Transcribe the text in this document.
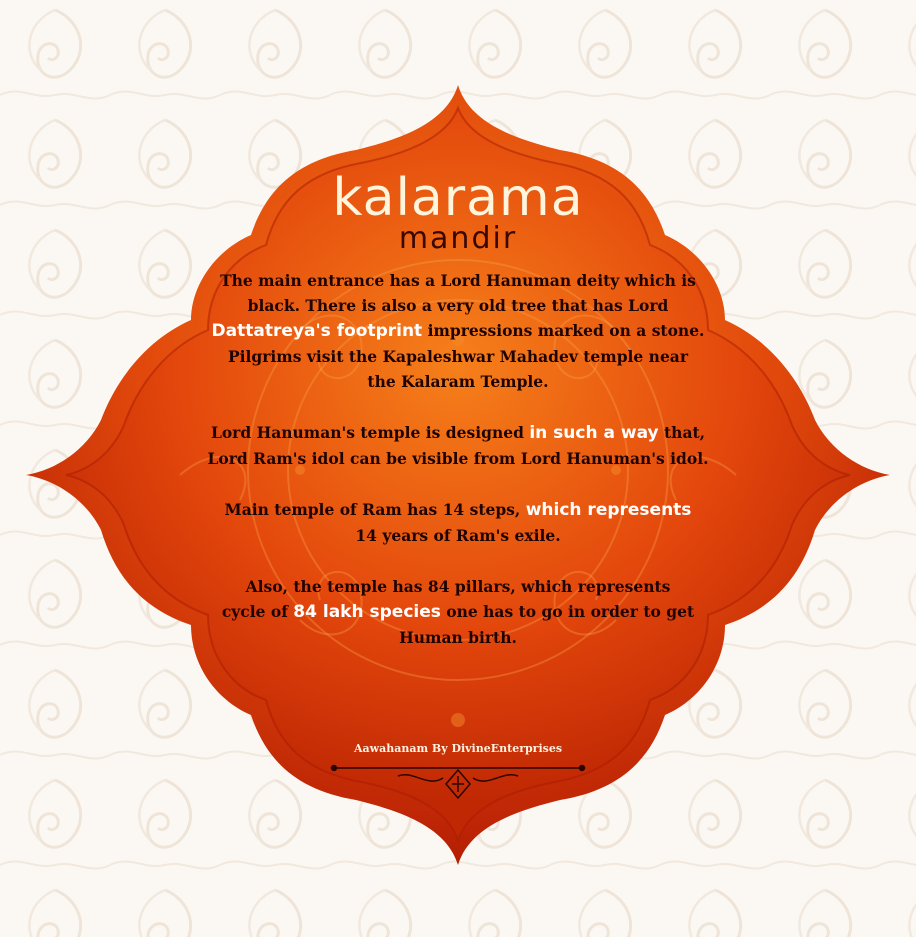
kalarama
mandir

The main entrance has a Lord Hanuman deity which is
black. There is also a very old tree that has Lord
Dattatreya's footprint impressions marked on a stone.
Pilgrims visit the Kapaleshwar Mahadev temple near
the Kalaram Temple.

Lord Hanuman's temple is designed in such a way that,
Lord Ram's idol can be visible from Lord Hanuman's idol.

Main temple of Ram has 14 steps, which represents
14 years of Ram's exile.

Also, the temple has 84 pillars, which represents
cycle of 84 lakh species one has to go in order to get
Human birth.

Aawahanam By DivineEnterprises
